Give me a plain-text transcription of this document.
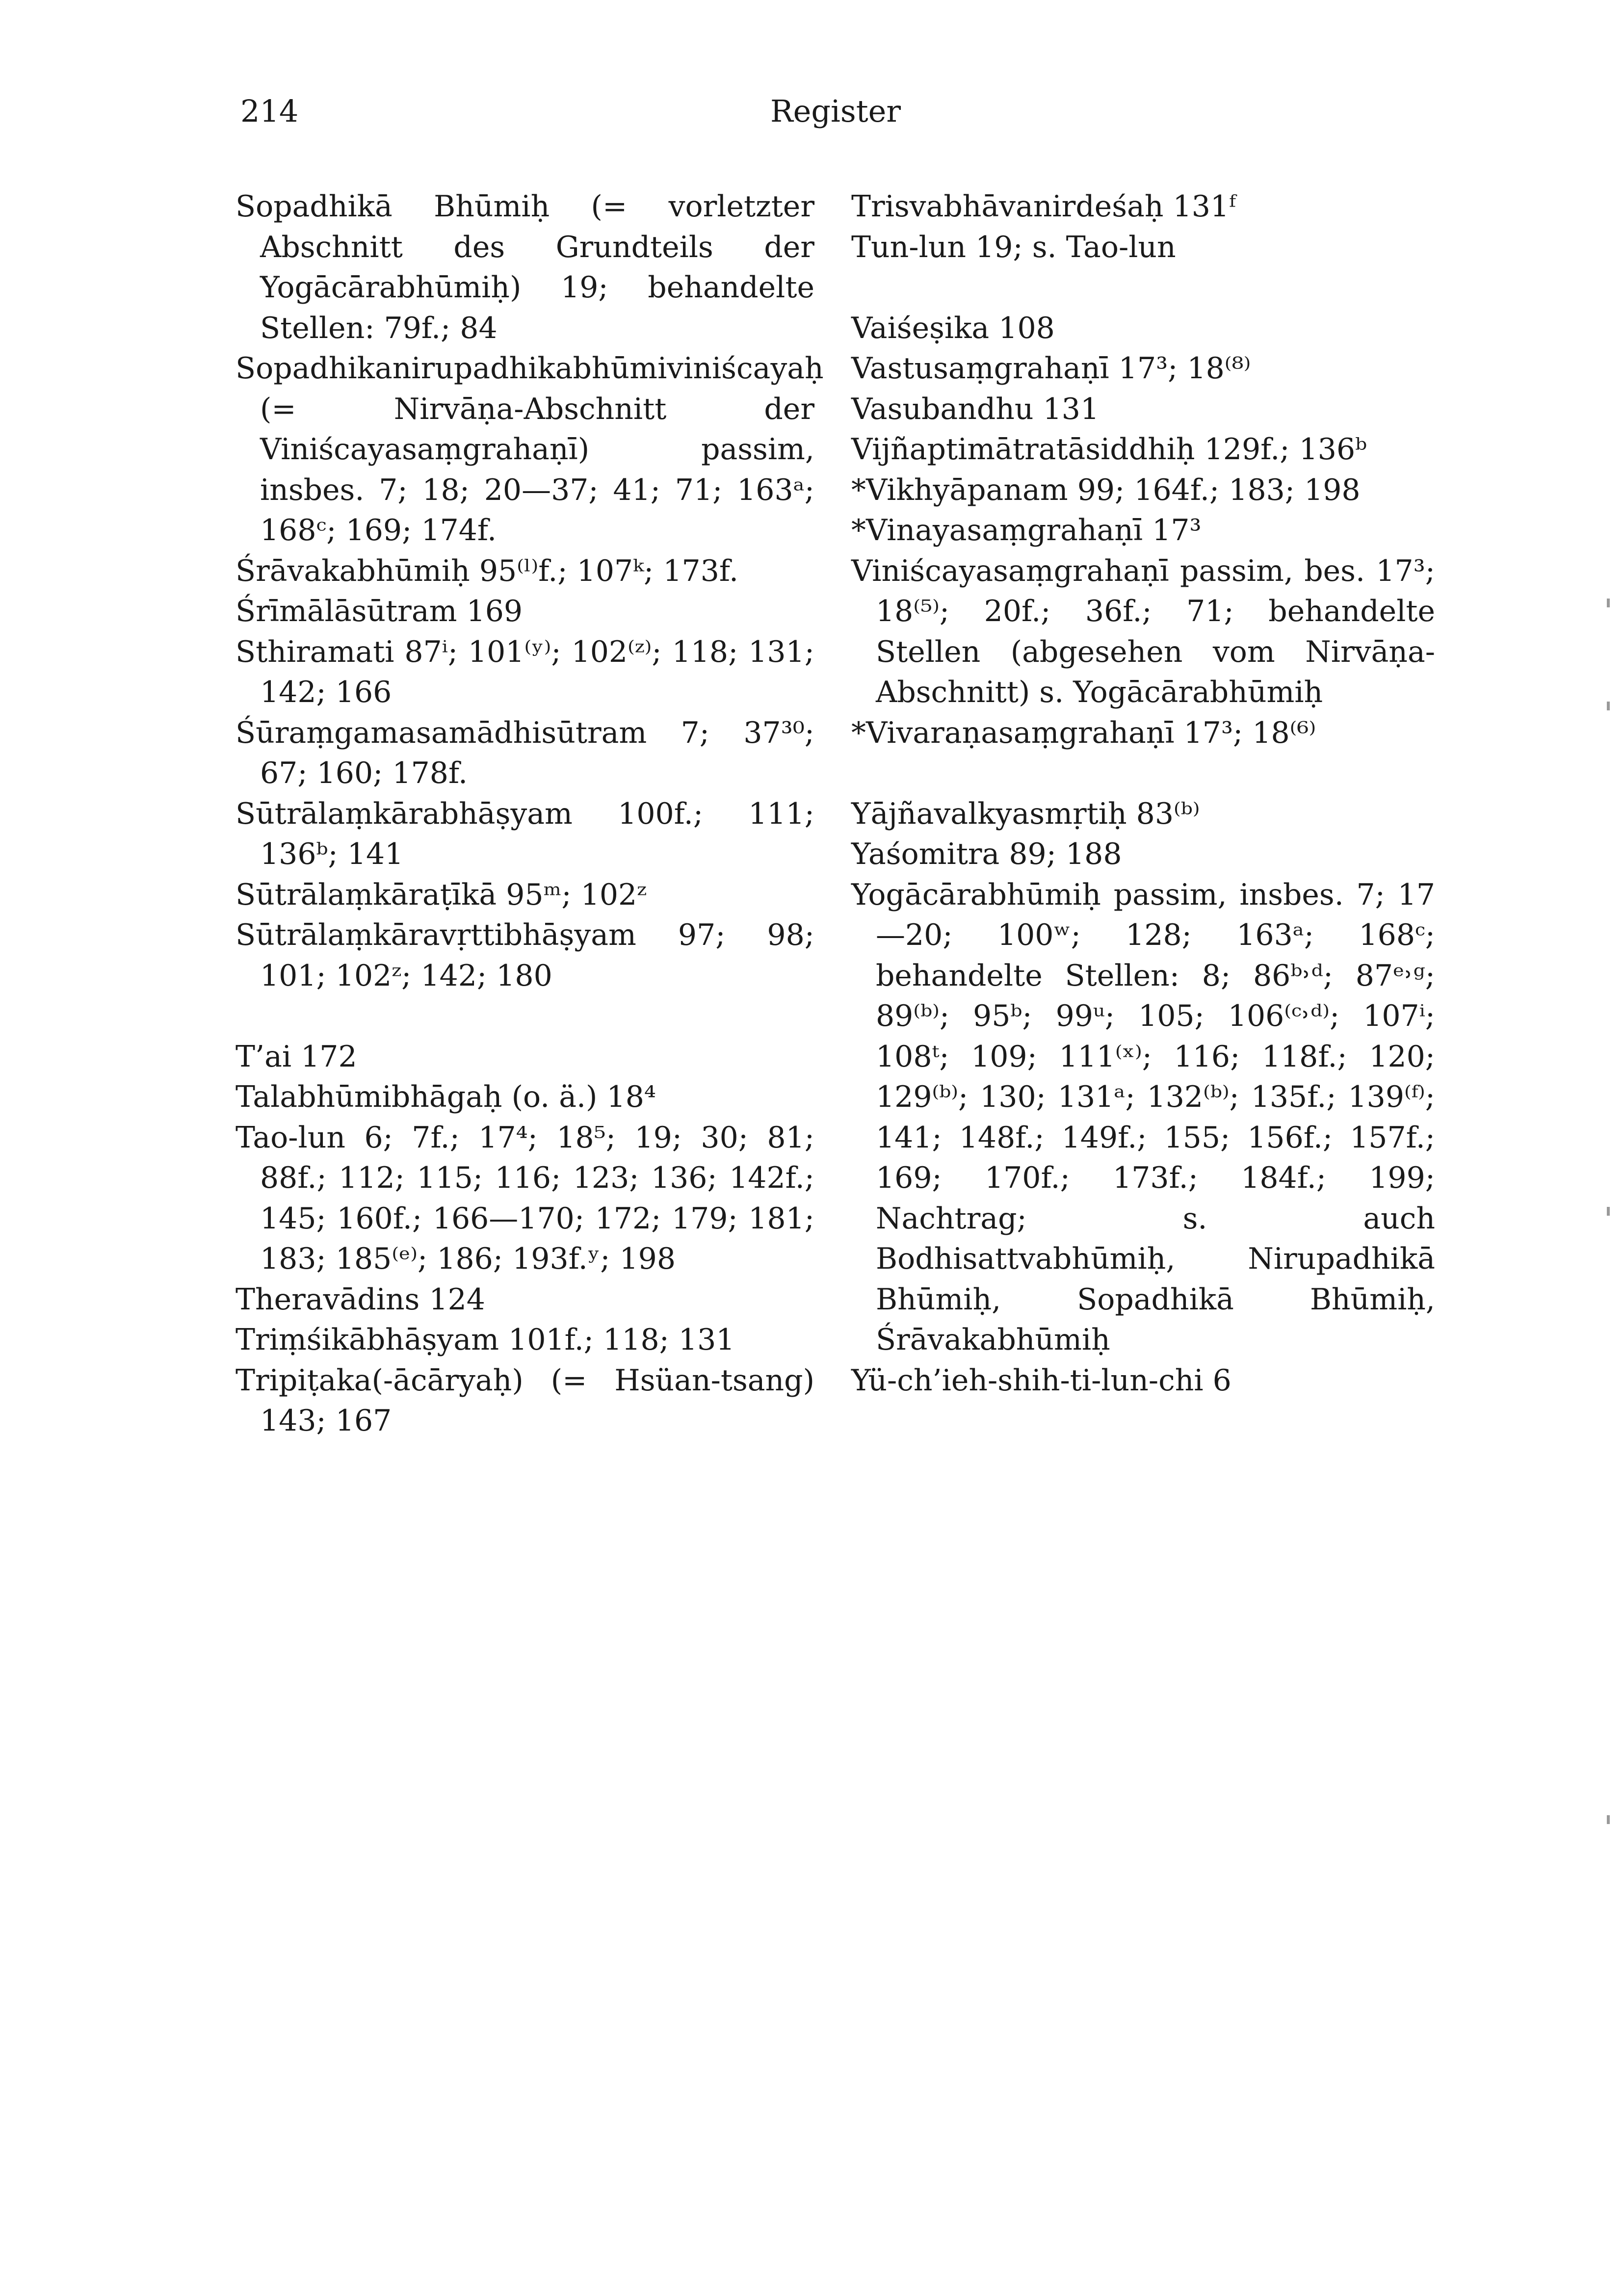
214	Register
Sopadhikā Bhūmiḥ (= vorletzter Abschnitt des Grundteils der Yogācārabhūmiḥ) 19; behandelte Stellen: 79f.; 84
Sopadhikanirupadhikabhūmiviniścayaḥ (= Nirvāṇa-Abschnitt der Viniścayasaṃgrahaṇī) passim, insbes. 7; 18; 20—37; 41; 71; 163ᵃ; 168ᶜ; 169; 174f.
Śrāvakabhūmiḥ 95⁽ˡ⁾f.; 107ᵏ; 173f.
Śrīmālāsūtram 169
Sthiramati 87ⁱ; 101⁽ʸ⁾; 102⁽ᶻ⁾; 118; 131; 142; 166
Śūraṃgamasamādhisūtram 7; 37³⁰; 67; 160; 178f.
Sūtrālaṃkārabhāṣyam 100f.; 111; 136ᵇ; 141
Sūtrālaṃkāraṭīkā 95ᵐ; 102ᶻ
Sūtrālaṃkāravṛttibhāṣyam 97; 98; 101; 102ᶻ; 142; 180
T’ai 172
Talabhūmibhāgaḥ (o. ä.) 18⁴
Tao-lun 6; 7f.; 17⁴; 18⁵; 19; 30; 81; 88f.; 112; 115; 116; 123; 136; 142f.; 145; 160f.; 166—170; 172; 179; 181; 183; 185⁽ᵉ⁾; 186; 193f.ʸ; 198
Theravādins 124
Triṃśikābhāṣyam 101f.; 118; 131
Tripiṭaka(-ācāryaḥ) (= Hsüan-tsang) 143; 167
Trisvabhāvanirdeśaḥ 131ᶠ
Tun-lun 19; s. Tao-lun
Vaiśeṣika 108
Vastusaṃgrahaṇī 17³; 18⁽⁸⁾
Vasubandhu 131
Vijñaptimātratāsiddhiḥ 129f.; 136ᵇ
*Vikhyāpanam 99; 164f.; 183; 198
*Vinayasaṃgrahaṇī 17³
Viniścayasaṃgrahaṇī passim, bes. 17³; 18⁽⁵⁾; 20f.; 36f.; 71; behandelte Stellen (abgesehen vom Nirvāṇa-Abschnitt) s. Yogācārabhūmiḥ
*Vivaraṇasaṃgrahaṇī 17³; 18⁽⁶⁾
Yājñavalkyasmṛtiḥ 83⁽ᵇ⁾
Yaśomitra 89; 188
Yogācārabhūmiḥ passim, insbes. 7; 17—20; 100ʷ; 128; 163ᵃ; 168ᶜ; behandelte Stellen: 8; 86ᵇ˒ᵈ; 87ᵉ˒ᵍ; 89⁽ᵇ⁾; 95ᵇ; 99ᵘ; 105; 106⁽ᶜ˒ᵈ⁾; 107ⁱ; 108ᵗ; 109; 111⁽ˣ⁾; 116; 118f.; 120; 129⁽ᵇ⁾; 130; 131ᵃ; 132⁽ᵇ⁾; 135f.; 139⁽ᶠ⁾; 141; 148f.; 149f.; 155; 156f.; 157f.; 169; 170f.; 173f.; 184f.; 199; Nachtrag; s. auch Bodhisattvabhūmiḥ, Nirupadhikā Bhūmiḥ, Sopadhikā Bhūmiḥ, Śrāvakabhūmiḥ
Yü-ch’ieh-shih-ti-lun-chi 6
